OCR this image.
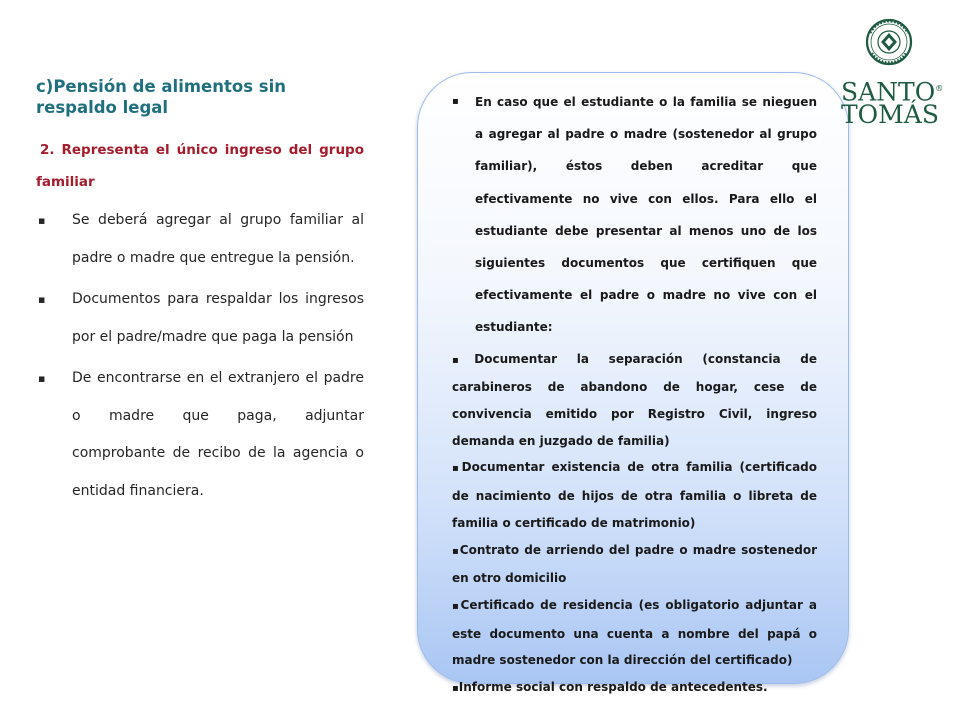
c)Pensión de alimentos sin respaldo legal
2. Representa el único ingreso del grupo familiar
▪ Se deberá agregar al grupo familiar al padre o madre que entregue la pensión.
▪ Documentos para respaldar los ingresos por el padre/madre que paga la pensión
▪ De encontrarse en el extranjero el padre o madre que paga, adjuntar comprobante de recibo de la agencia o entidad financiera.

▪ En caso que el estudiante o la familia se nieguen a agregar al padre o madre (sostenedor al grupo familiar), éstos deben acreditar que efectivamente no vive con ellos. Para ello el estudiante debe presentar al menos uno de los siguientes documentos que certifiquen que efectivamente el padre o madre no vive con el estudiante:

▪Documentar la separación (constancia de carabineros de abandono de hogar, cese de convivencia emitido por Registro Civil, ingreso demanda en juzgado de familia)

▪Documentar existencia de otra familia (certificado de nacimiento de hijos de otra familia o libreta de familia o certificado de matrimonio)

▪Contrato de arriendo del padre o madre sostenedor en otro domicilio

▪Certificado de residencia (es obligatorio adjuntar a este documento una cuenta a nombre del papá o madre sostenedor con la dirección del certificado)

▪Informe social con respaldo de antecedentes.

SANTO®
TOMÁS
